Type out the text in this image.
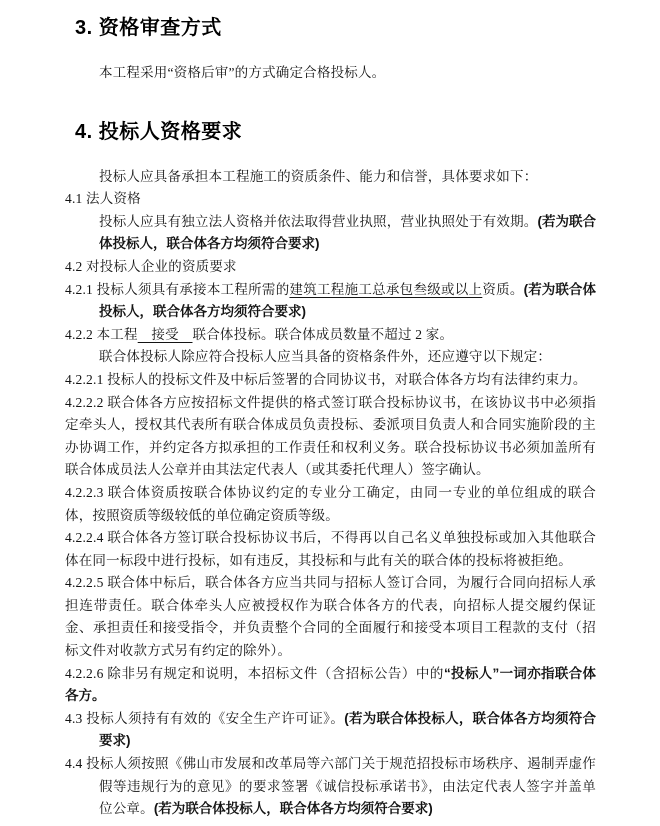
3. 资格审查方式

本工程采用“资格后审”的方式确定合格投标人。

4. 投标人资格要求

投标人应具备承担本工程施工的资质条件、能力和信誉，具体要求如下：

4.1 法人资格

投标人应具有独立法人资格并依法取得营业执照，营业执照处于有效期。(若为联合体投标人，联合体各方均须符合要求)

4.2 对投标人企业的资质要求

4.2.1 投标人须具有承接本工程所需的建筑工程施工总承包叁级或以上资质。(若为联合体投标人，联合体各方均须符合要求)

4.2.2 本工程　接受　联合体投标。联合体成员数量不超过 2 家。

联合体投标人除应符合投标人应当具备的资格条件外，还应遵守以下规定：

4.2.2.1 投标人的投标文件及中标后签署的合同协议书，对联合体各方均有法律约束力。

4.2.2.2 联合体各方应按招标文件提供的格式签订联合投标协议书，在该协议书中必须指定牵头人，授权其代表所有联合体成员负责投标、委派项目负责人和合同实施阶段的主办协调工作，并约定各方拟承担的工作责任和权利义务。联合投标协议书必须加盖所有联合体成员法人公章并由其法定代表人（或其委托代理人）签字确认。

4.2.2.3 联合体资质按联合体协议约定的专业分工确定，由同一专业的单位组成的联合体，按照资质等级较低的单位确定资质等级。

4.2.2.4 联合体各方签订联合投标协议书后，不得再以自己名义单独投标或加入其他联合体在同一标段中进行投标，如有违反，其投标和与此有关的联合体的投标将被拒绝。

4.2.2.5 联合体中标后，联合体各方应当共同与招标人签订合同，为履行合同向招标人承担连带责任。联合体牵头人应被授权作为联合体各方的代表，向招标人提交履约保证金、承担责任和接受指令，并负责整个合同的全面履行和接受本项目工程款的支付（招标文件对收款方式另有约定的除外）。

4.2.2.6 除非另有规定和说明，本招标文件（含招标公告）中的“投标人”一词亦指联合体各方。

4.3 投标人须持有有效的《安全生产许可证》。(若为联合体投标人，联合体各方均须符合要求)

4.4 投标人须按照《佛山市发展和改革局等六部门关于规范招投标市场秩序、遏制弄虚作假等违规行为的意见》的要求签署《诚信投标承诺书》，由法定代表人签字并盖单位公章。(若为联合体投标人，联合体各方均须符合要求)
